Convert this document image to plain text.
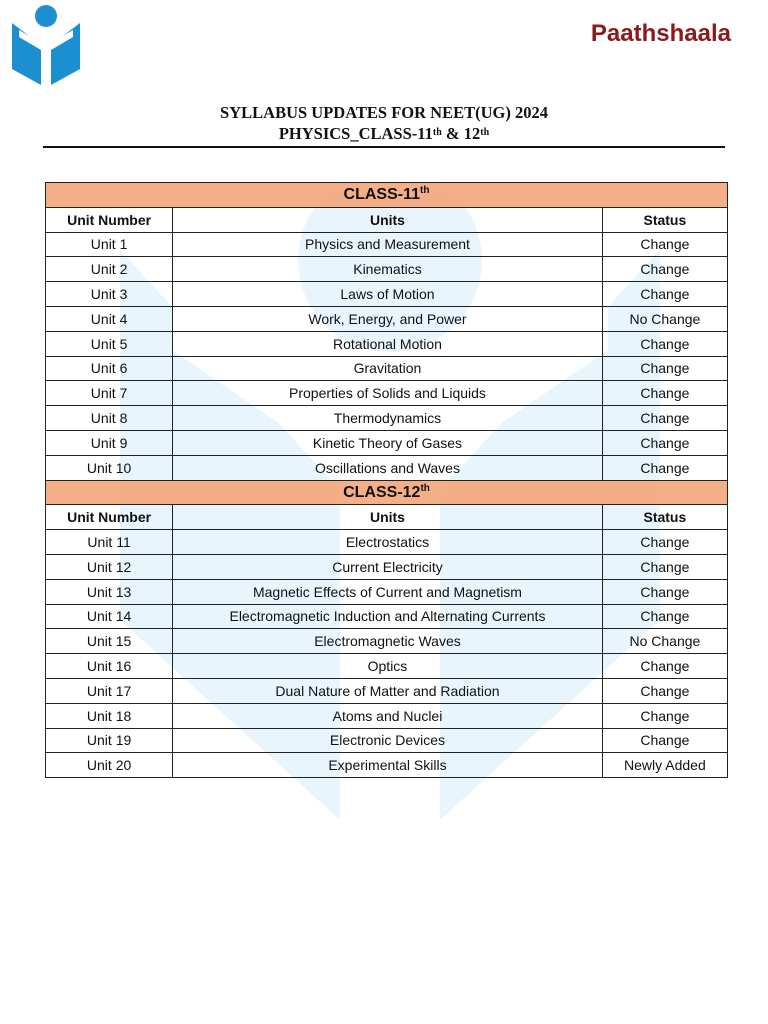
Paathshaala
SYLLABUS UPDATES FOR NEET(UG) 2024
PHYSICS_CLASS-11th & 12th
CLASS-11th
Unit Number	Units	Status
Unit 1	Physics and Measurement	Change
Unit 2	Kinematics	Change
Unit 3	Laws of Motion	Change
Unit 4	Work, Energy, and Power	No Change
Unit 5	Rotational Motion	Change
Unit 6	Gravitation	Change
Unit 7	Properties of Solids and Liquids	Change
Unit 8	Thermodynamics	Change
Unit 9	Kinetic Theory of Gases	Change
Unit 10	Oscillations and Waves	Change
CLASS-12th
Unit Number	Units	Status
Unit 11	Electrostatics	Change
Unit 12	Current Electricity	Change
Unit 13	Magnetic Effects of Current and Magnetism	Change
Unit 14	Electromagnetic Induction and Alternating Currents	Change
Unit 15	Electromagnetic Waves	No Change
Unit 16	Optics	Change
Unit 17	Dual Nature of Matter and Radiation	Change
Unit 18	Atoms and Nuclei	Change
Unit 19	Electronic Devices	Change
Unit 20	Experimental Skills	Newly Added
